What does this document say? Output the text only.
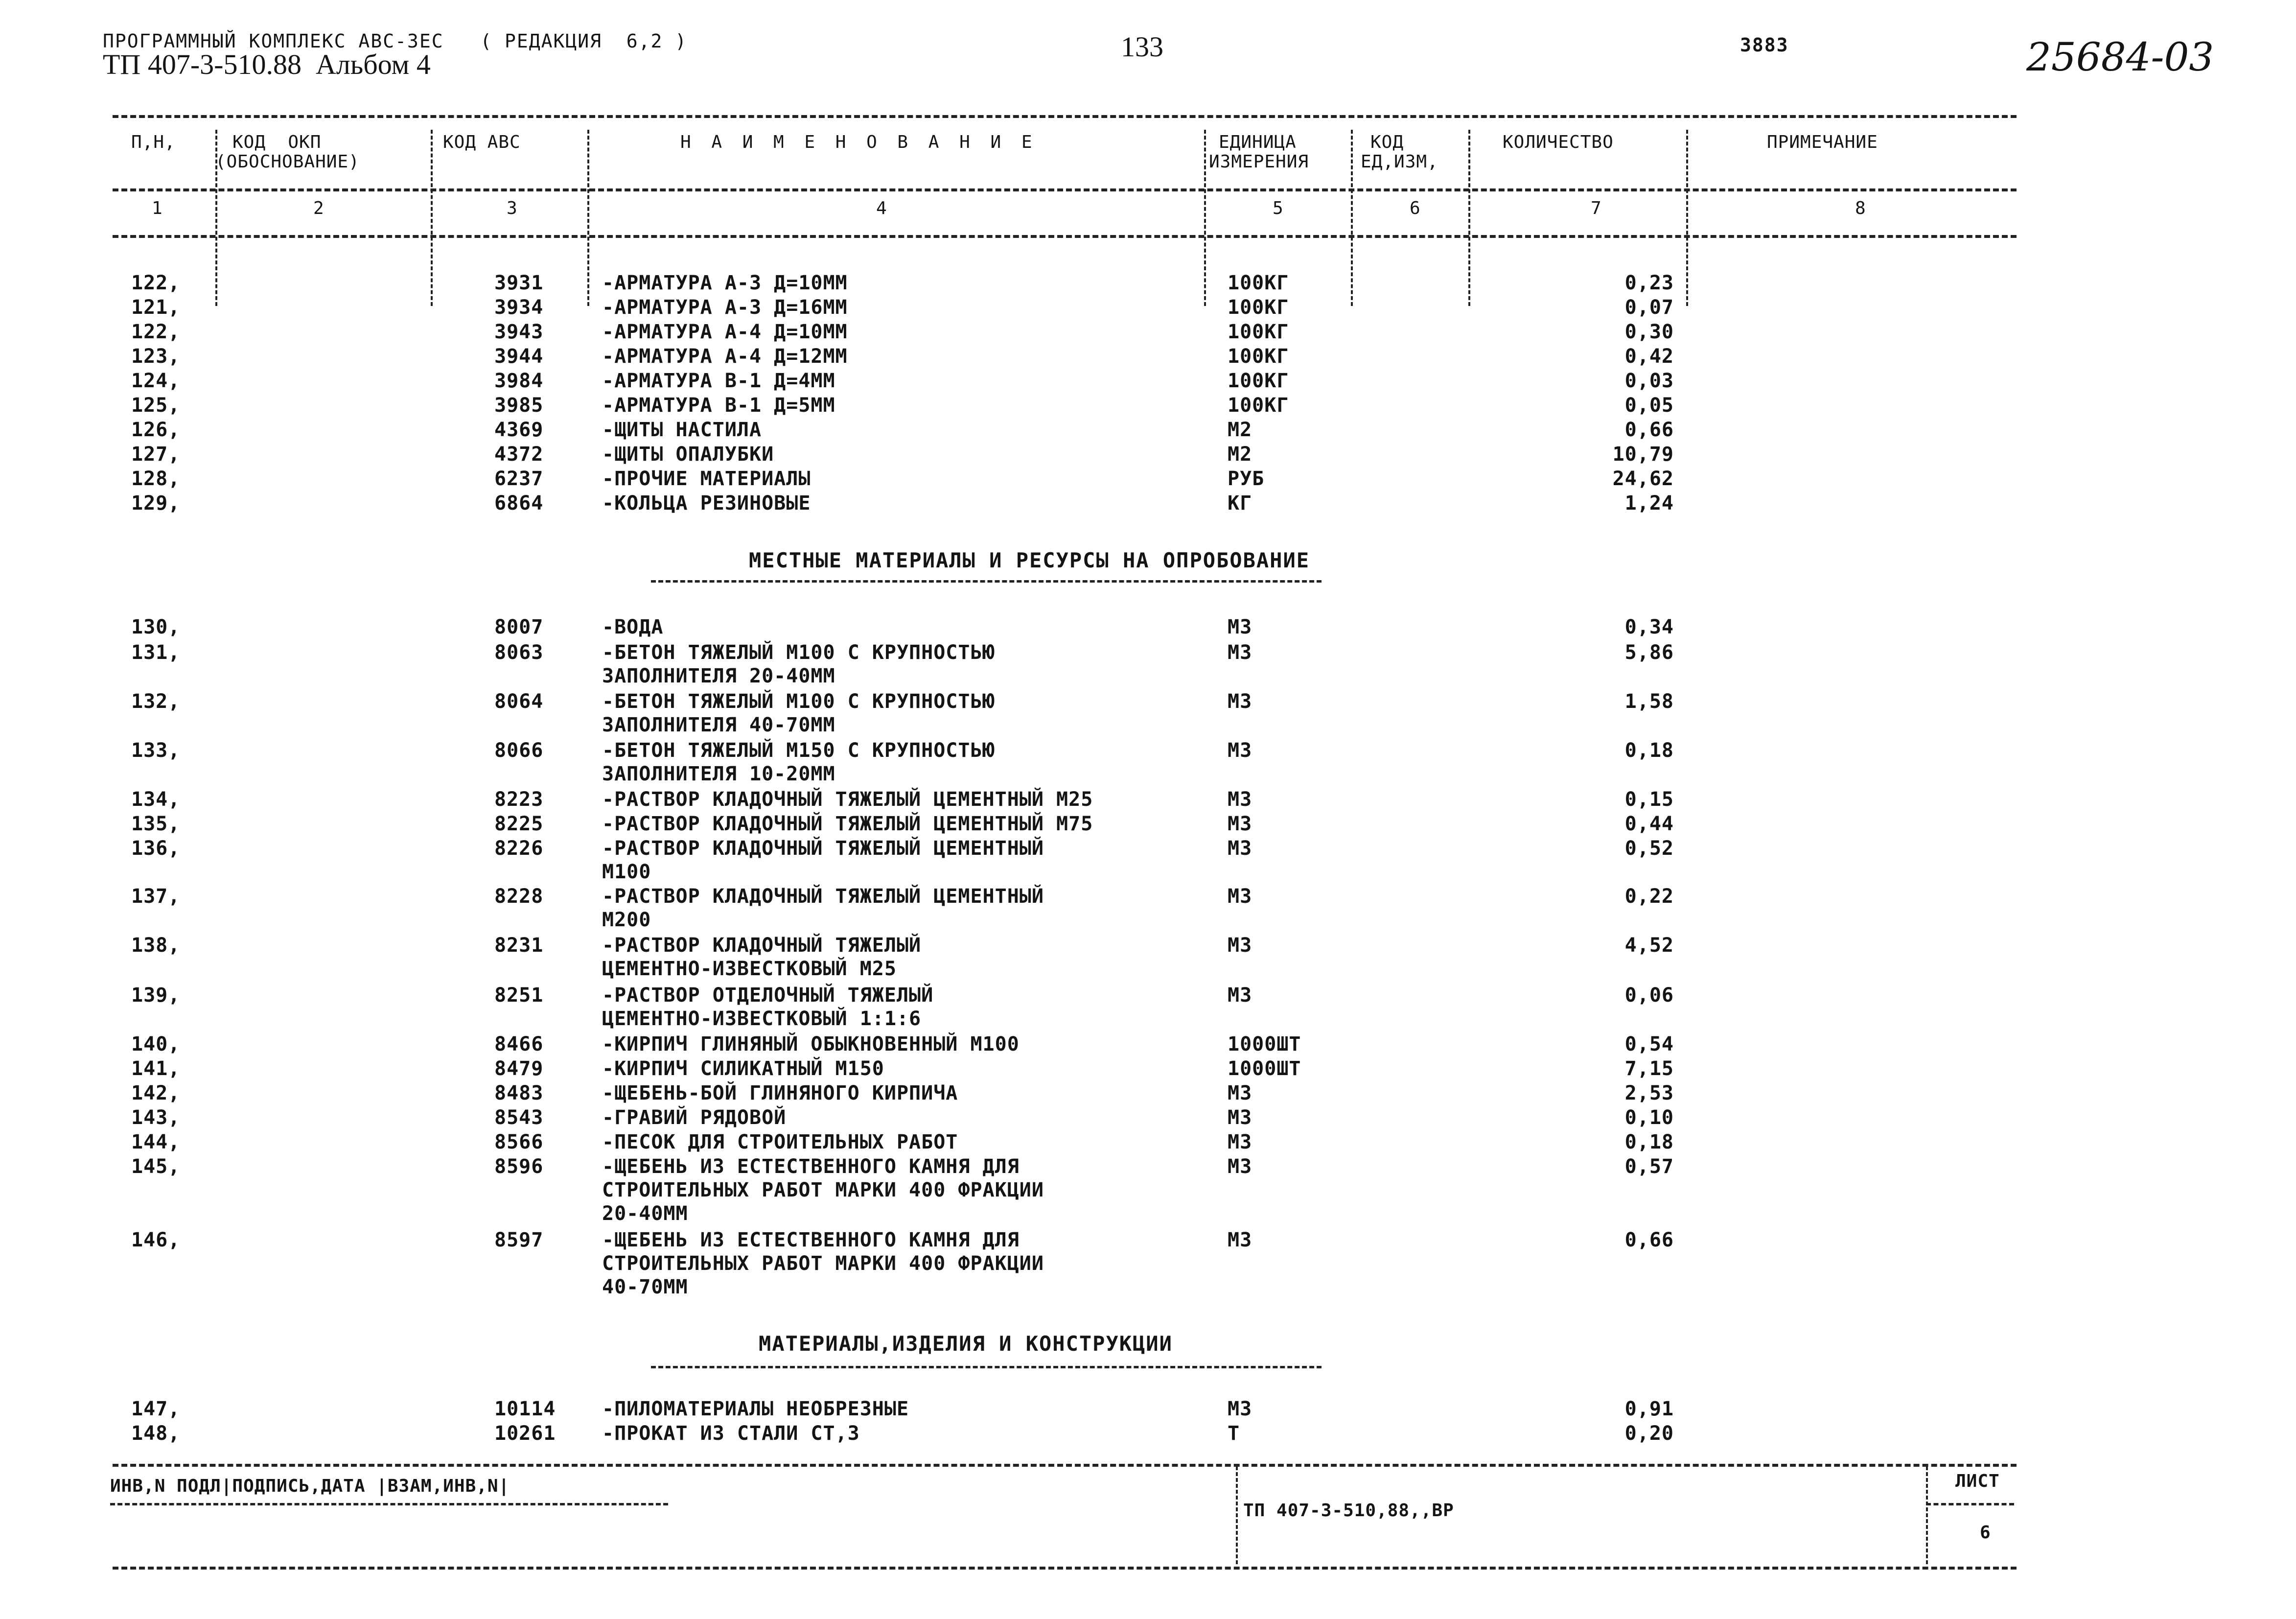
ПРОГРАММНЫЙ КОМПЛЕКС АВС-3ЕС   ( РЕДАКЦИЯ  6,2 )
ТП 407-3-510.88  Альбом 4
133	3883	25684-03
П,Н,	КОД  ОКП
(ОБОСНОВАНИЕ)
КОД АВС	Н А И М Е Н О В А Н И Е	ЕДИНИЦА
ИЗМЕРЕНИЯ
КОД
ЕД,ИЗМ,
КОЛИЧЕСТВО	ПРИМЕЧАНИЕ
1	2	3	4	5	6	7	8
122,	3931	-АРМАТУРА А-3 Д=10ММ	100КГ	0,23
121,	3934	-АРМАТУРА А-3 Д=16ММ	100КГ	0,07
122,	3943	-АРМАТУРА А-4 Д=10ММ	100КГ	0,30
123,	3944	-АРМАТУРА А-4 Д=12ММ	100КГ	0,42
124,	3984	-АРМАТУРА В-1 Д=4ММ	100КГ	0,03
125,	3985	-АРМАТУРА В-1 Д=5ММ	100КГ	0,05
126,	4369	-ЩИТЫ НАСТИЛА	М2	0,66
127,	4372	-ЩИТЫ ОПАЛУБКИ	М2	10,79
128,	6237	-ПРОЧИЕ МАТЕРИАЛЫ	РУБ	24,62
129,	6864	-КОЛЬЦА РЕЗИНОВЫЕ	КГ	1,24
МЕСТНЫЕ МАТЕРИАЛЫ И РЕСУРСЫ НА ОПРОБОВАНИЕ
130,	8007	-ВОДА	М3	0,34
131,	8063	-БЕТОН ТЯЖЕЛЫЙ М100 С КРУПНОСТЬЮ
ЗАПОЛНИТЕЛЯ 20-40ММ
М3	5,86
132,	8064	-БЕТОН ТЯЖЕЛЫЙ М100 С КРУПНОСТЬЮ
ЗАПОЛНИТЕЛЯ 40-70ММ
М3	1,58
133,	8066	-БЕТОН ТЯЖЕЛЫЙ М150 С КРУПНОСТЬЮ
ЗАПОЛНИТЕЛЯ 10-20ММ
М3	0,18
134,	8223	-РАСТВОР КЛАДОЧНЫЙ ТЯЖЕЛЫЙ ЦЕМЕНТНЫЙ М25	М3	0,15
135,	8225	-РАСТВОР КЛАДОЧНЫЙ ТЯЖЕЛЫЙ ЦЕМЕНТНЫЙ М75	М3	0,44
136,	8226	-РАСТВОР КЛАДОЧНЫЙ ТЯЖЕЛЫЙ ЦЕМЕНТНЫЙ
М100
М3	0,52
137,	8228	-РАСТВОР КЛАДОЧНЫЙ ТЯЖЕЛЫЙ ЦЕМЕНТНЫЙ
М200
М3	0,22
138,	8231	-РАСТВОР КЛАДОЧНЫЙ ТЯЖЕЛЫЙ
ЦЕМЕНТНО-ИЗВЕСТКОВЫЙ М25
М3	4,52
139,	8251	-РАСТВОР ОТДЕЛОЧНЫЙ ТЯЖЕЛЫЙ
ЦЕМЕНТНО-ИЗВЕСТКОВЫЙ 1:1:6
М3	0,06
140,	8466	-КИРПИЧ ГЛИНЯНЫЙ ОБЫКНОВЕННЫЙ М100	1000ШТ	0,54
141,	8479	-КИРПИЧ СИЛИКАТНЫЙ М150	1000ШТ	7,15
142,	8483	-ЩЕБЕНЬ-БОЙ ГЛИНЯНОГО КИРПИЧА	М3	2,53
143,	8543	-ГРАВИЙ РЯДОВОЙ	М3	0,10
144,	8566	-ПЕСОК ДЛЯ СТРОИТЕЛЬНЫХ РАБОТ	М3	0,18
145,	8596	-ЩЕБЕНЬ ИЗ ЕСТЕСТВЕННОГО КАМНЯ ДЛЯ
СТРОИТЕЛЬНЫХ РАБОТ МАРКИ 400 ФРАКЦИИ
20-40ММ
М3	0,57
146,	8597	-ЩЕБЕНЬ ИЗ ЕСТЕСТВЕННОГО КАМНЯ ДЛЯ
СТРОИТЕЛЬНЫХ РАБОТ МАРКИ 400 ФРАКЦИИ
40-70ММ
М3	0,66
МАТЕРИАЛЫ,ИЗДЕЛИЯ И КОНСТРУКЦИИ
147,	10114 -ПИЛОМАТЕРИАЛЫ НЕОБРЕЗНЫЕ	М3	0,91
148,	10261 -ПРОКАТ ИЗ СТАЛИ СТ,3	Т	0,20
ИНВ,N ПОДЛ|ПОДПИСЬ,ДАТА |ВЗАМ,ИНВ,N|
ТП 407-3-510,88,,ВР
ЛИСТ
6
